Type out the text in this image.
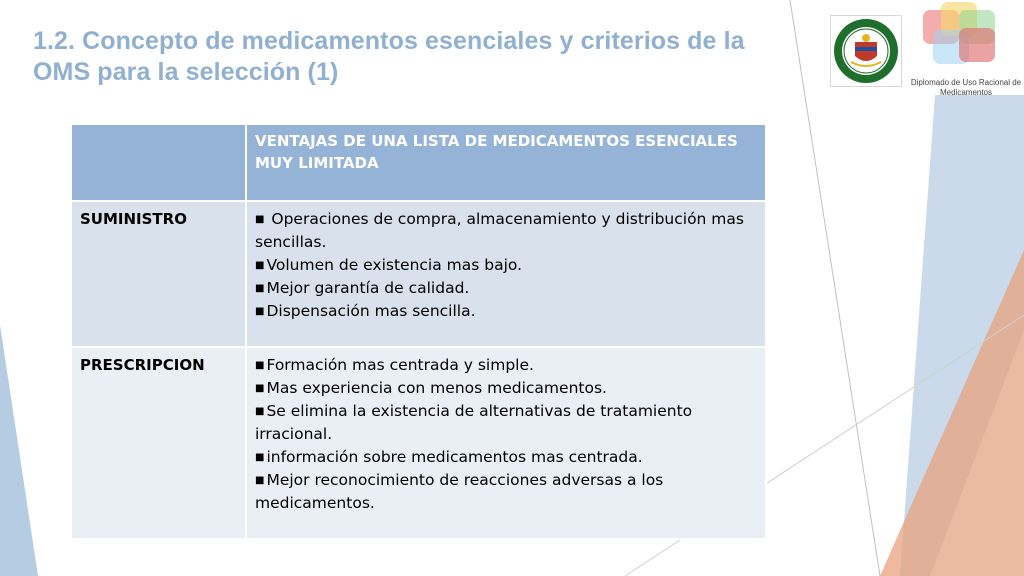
1.2. Concepto de medicamentos esenciales y criterios de la
OMS para la selección (1)	Diplomado de Uso Racional de
Medicamentos
	VENTAJAS DE UNA LISTA DE MEDICAMENTOS ESENCIALES MUY LIMITADA
SUMINISTRO	■ Operaciones de compra, almacenamiento y distribución mas sencillas.
■ Volumen de existencia mas bajo.
■ Mejor garantía de calidad.
■ Dispensación mas sencilla.

PRESCRIPCION	■ Formación mas centrada y simple.
■ Mas experiencia con menos medicamentos.
■ Se elimina la existencia de alternativas de tratamiento irracional.
■ información sobre medicamentos mas centrada.
■ Mejor reconocimiento de reacciones adversas a los medicamentos.
